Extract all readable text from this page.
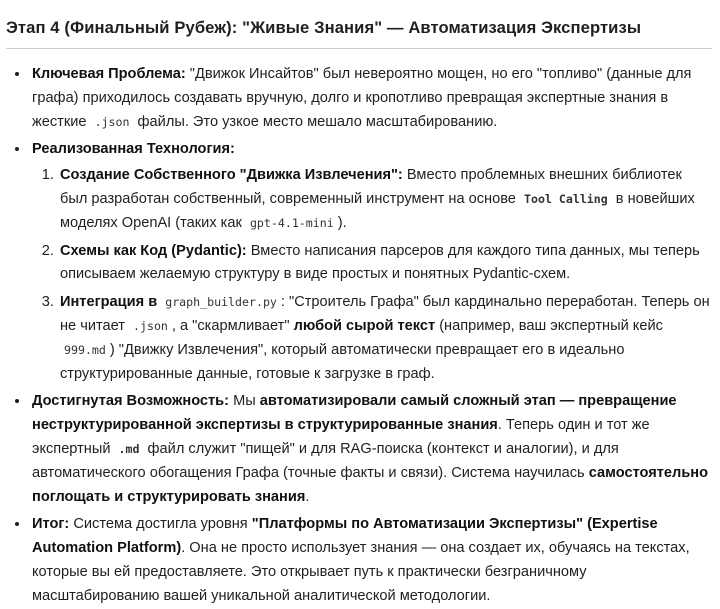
Этап 4 (Финальный Рубеж): "Живые Знания" — Автоматизация Экспертизы
• Ключевая Проблема: "Движок Инсайтов" был невероятно мощен, но его "топливо" (данные для графа) приходилось создавать вручную, долго и кропотливо превращая экспертные знания в жесткие .json файлы. Это узкое место мешало масштабированию.
• Реализованная Технология:
1. Создание Собственного "Движка Извлечения": Вместо проблемных внешних библиотек был разработан собственный, современный инструмент на основе Tool Calling в новейших моделях OpenAI (таких как gpt-4.1-mini ).
2. Схемы как Код (Pydantic): Вместо написания парсеров для каждого типа данных, мы теперь описываем желаемую структуру в виде простых и понятных Pydantic-схем.
3. Интеграция в graph_builder.py : "Строитель Графа" был кардинально переработан. Теперь он не читает .json , а "скармливает" любой сырой текст (например, ваш экспертный кейс 999.md ) "Движку Извлечения", который автоматически превращает его в идеально структурированные данные, готовые к загрузке в граф.
• Достигнутая Возможность: Мы автоматизировали самый сложный этап — превращение неструктурированной экспертизы в структурированные знания. Теперь один и тот же экспертный .md файл служит "пищей" и для RAG-поиска (контекст и аналогии), и для автоматического обогащения Графа (точные факты и связи). Система научилась самостоятельно поглощать и структурировать знания.
• Итог: Система достигла уровня "Платформы по Автоматизации Экспертизы" (Expertise Automation Platform). Она не просто использует знания — она создает их, обучаясь на текстах, которые вы ей предоставляете. Это открывает путь к практически безграничному масштабированию вашей уникальной аналитической методологии.
